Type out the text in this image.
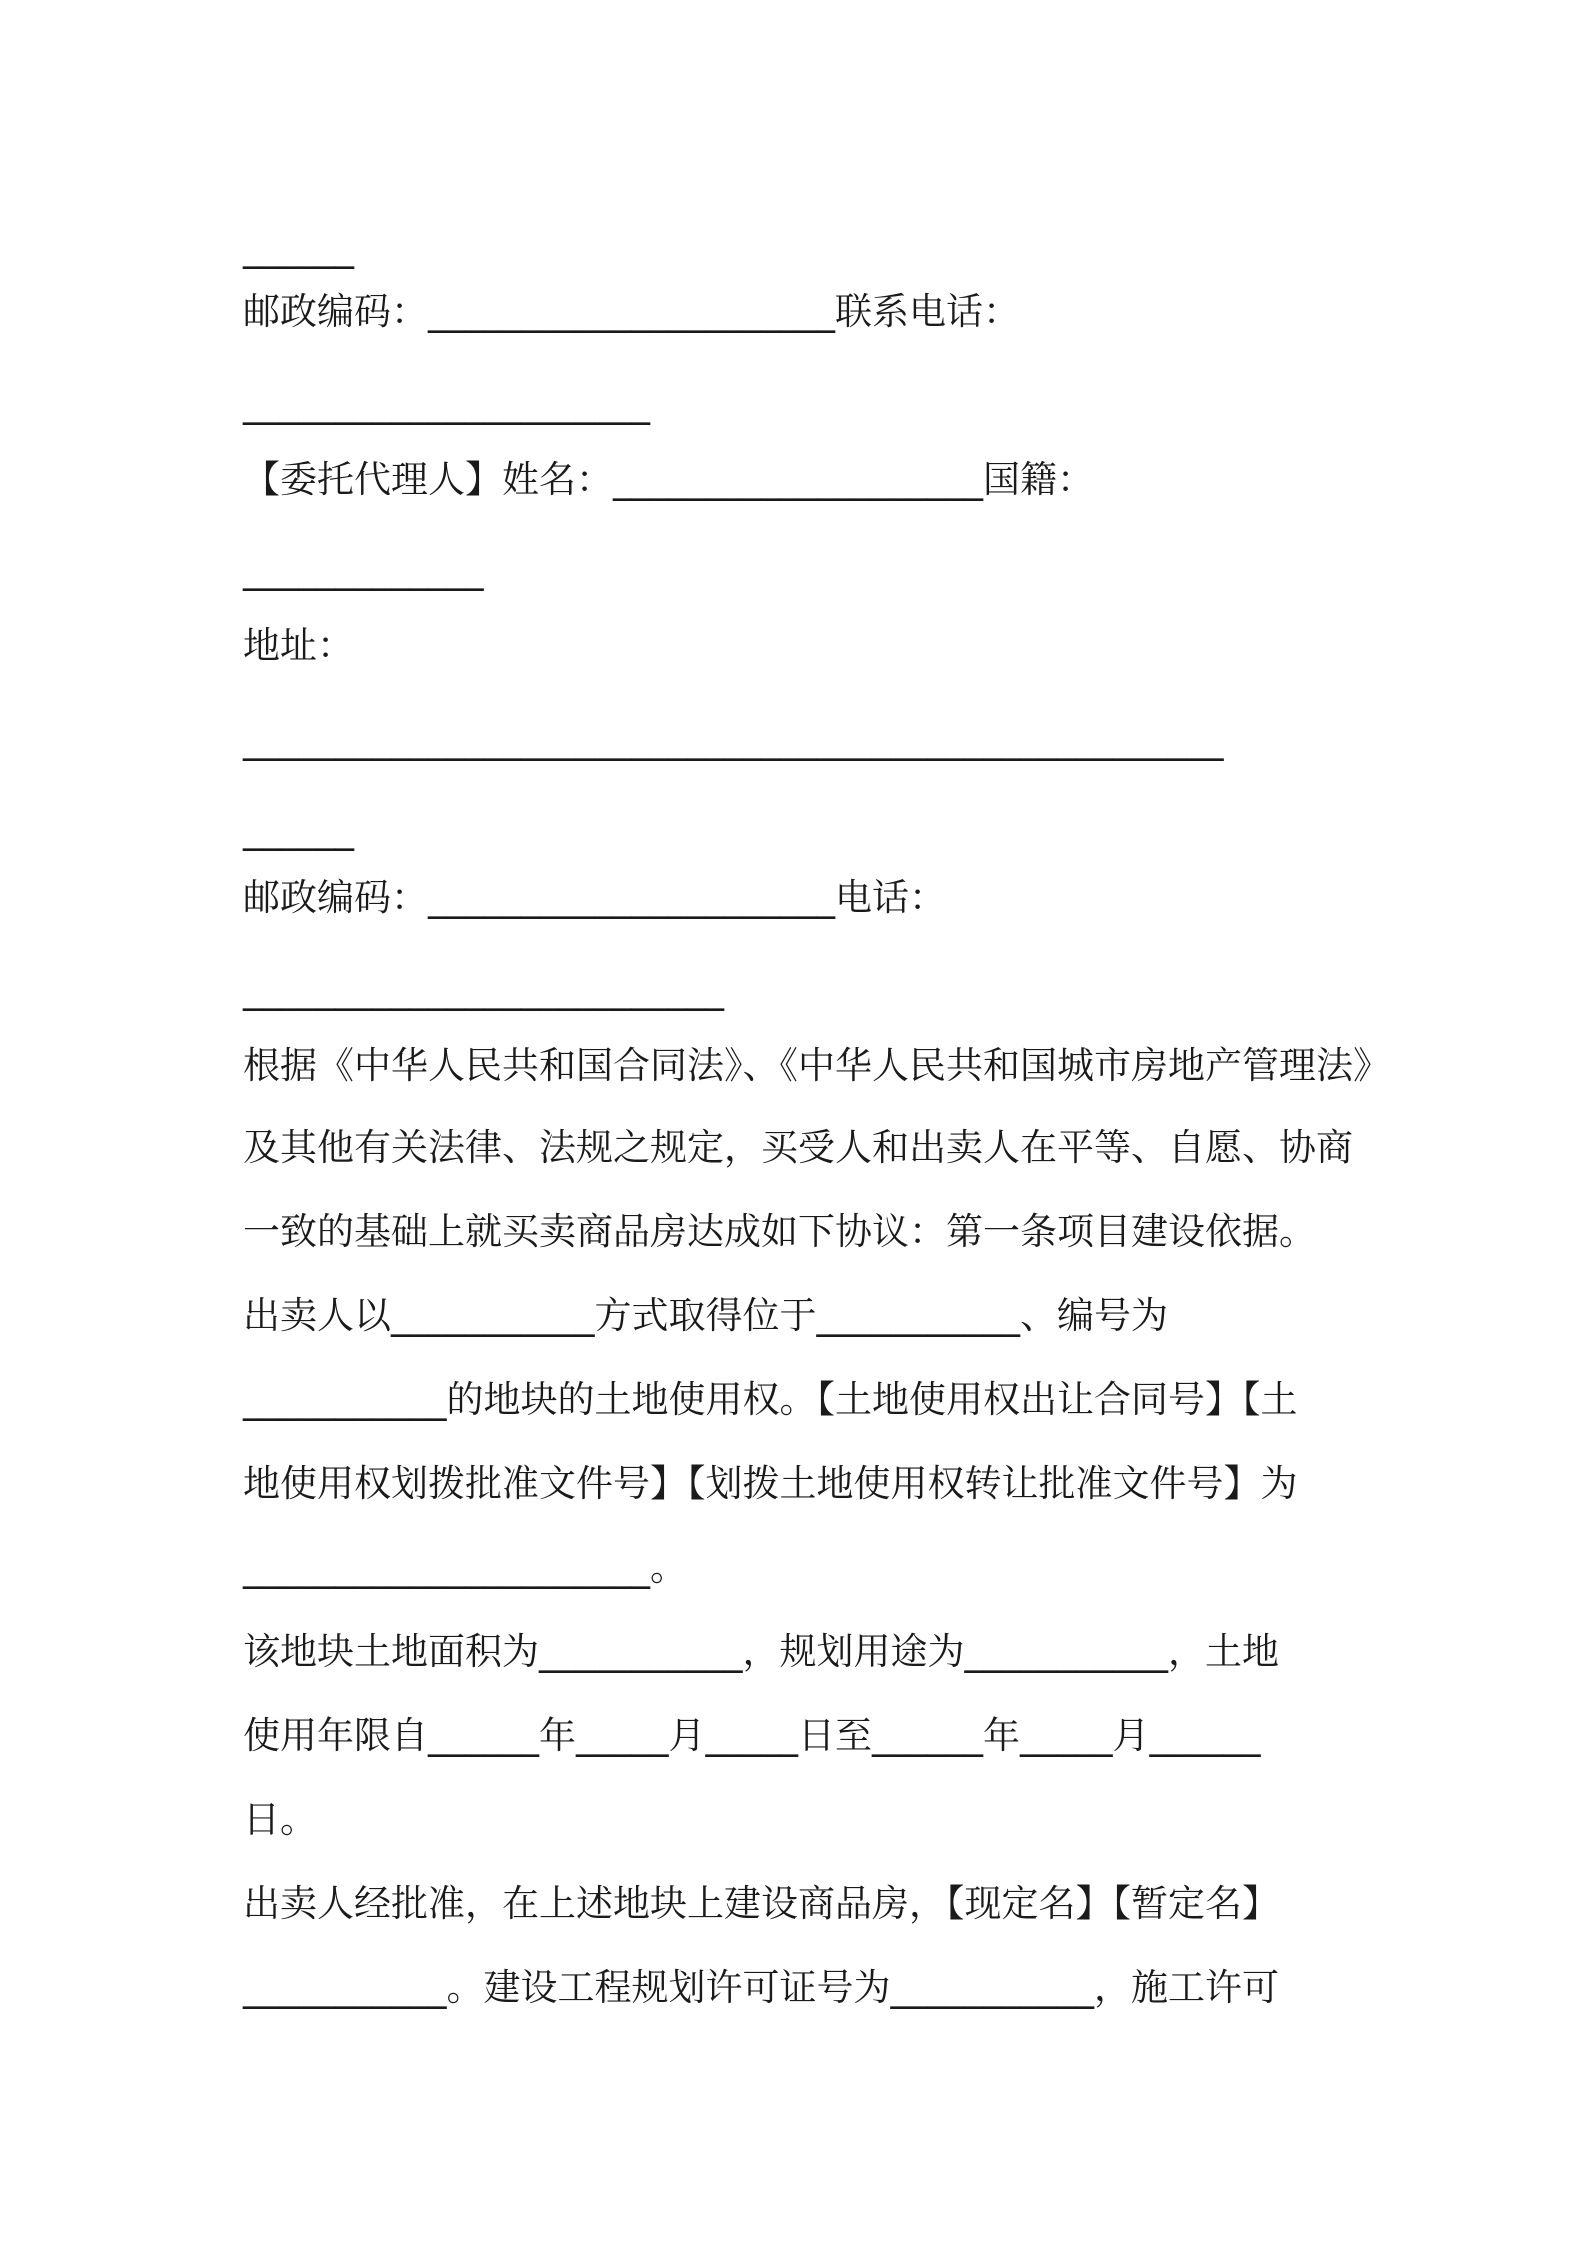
______
邮政编码：______________________联系电话：
______________________
【委托代理人】姓名：____________________国籍：
_____________
地址：
_____________________________________________________
______
邮政编码：______________________电话：
__________________________
根据《中华人民共和国合同法》、《中华人民共和国城市房地产管理法》
及其他有关法律、法规之规定，买受人和出卖人在平等、自愿、协商
一致的基础上就买卖商品房达成如下协议：第一条项目建设依据。
出卖人以___________方式取得位于___________、编号为
___________的地块的土地使用权。【土地使用权出让合同号】【土
地使用权划拨批准文件号】【划拨土地使用权转让批准文件号】为
______________________。
该地块土地面积为___________，规划用途为___________，土地
使用年限自______年_____月_____日至______年_____月______
日。
出卖人经批准，在上述地块上建设商品房，【现定名】【暂定名】
___________。建设工程规划许可证号为___________，施工许可
